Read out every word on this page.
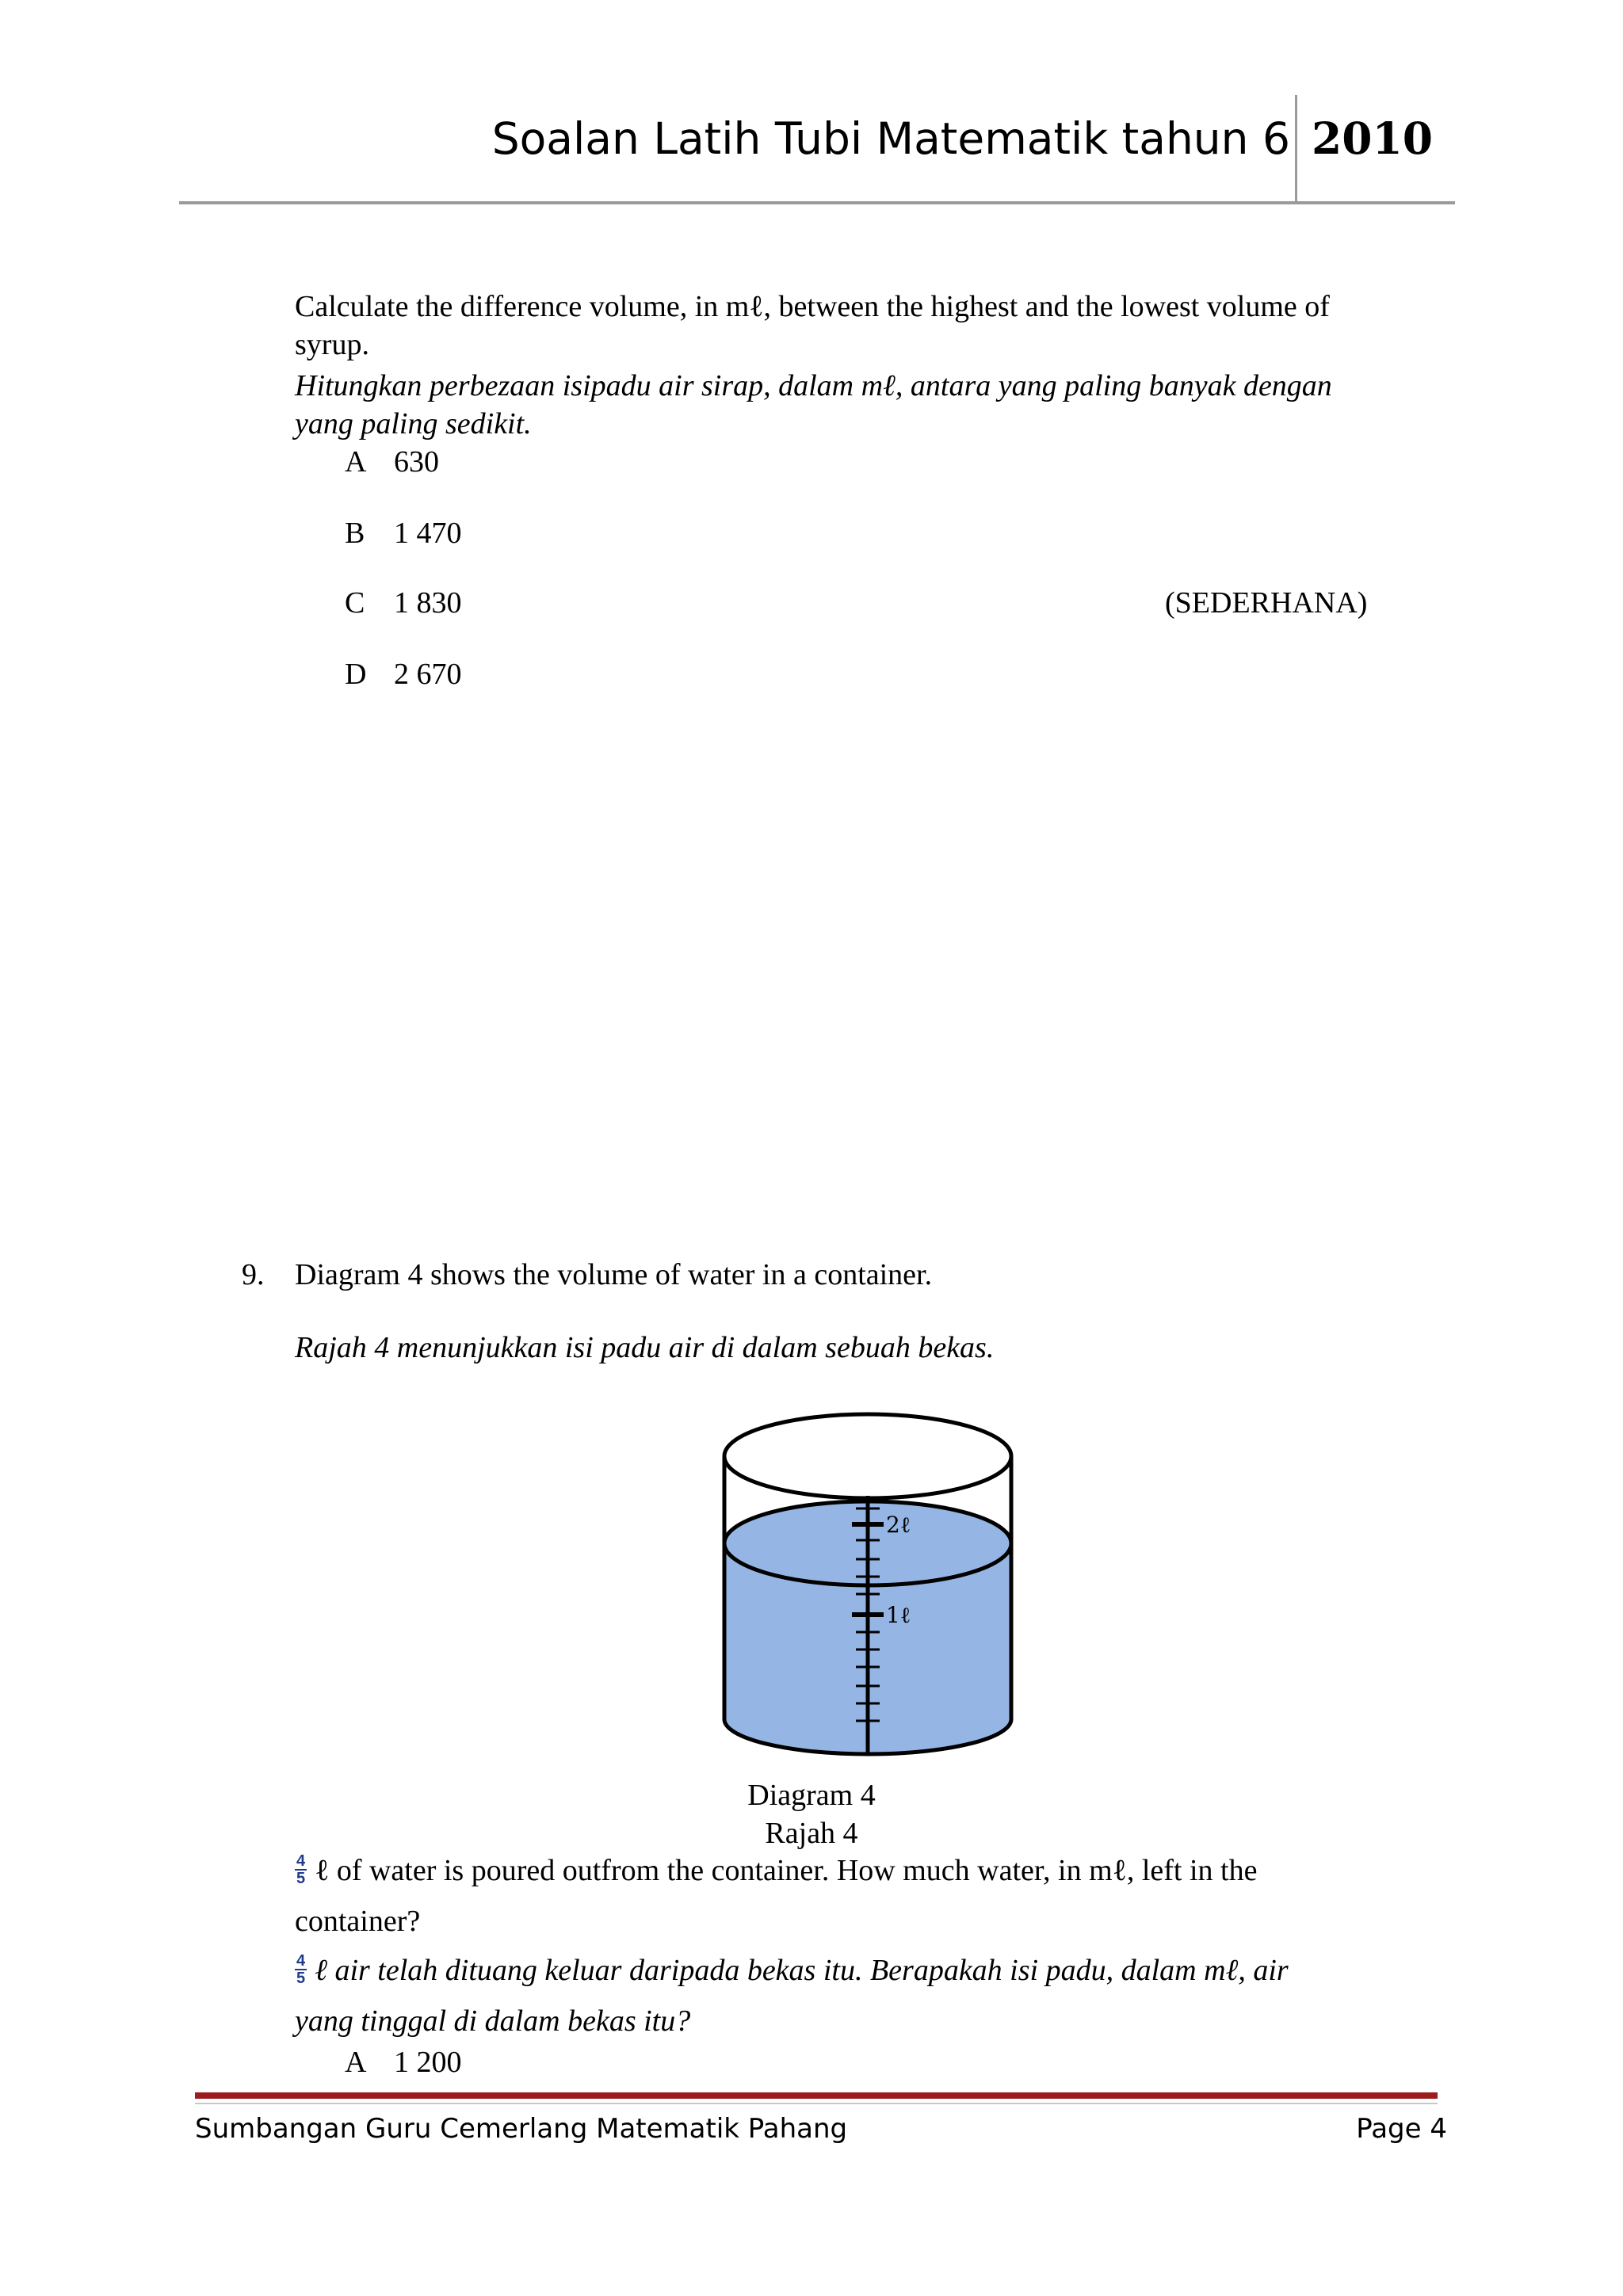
Soalan Latih Tubi Matematik tahun 6 2010

Calculate the difference volume, in mℓ, between the highest and the lowest volume of

syrup.

Hitungkan perbezaan isipadu air sirap, dalam mℓ, antara yang paling banyak dengan

yang paling sedikit.

A 630
B 1 470
C 1 830
D 2 670
(SEDERHANA)
9. Diagram 4 shows the volume of water in a container.

Rajah 4 menunjukkan isi padu air di dalam sebuah bekas.

2ℓ
1ℓ
Diagram 4
Rajah 4

$\frac{4}{5}$ ℓ of water is poured outfrom the container. How much water, in mℓ, left in the

container?

$\frac{4}{5}$ ℓ air telah dituang keluar daripada bekas itu. Berapakah isi padu, dalam mℓ, air

yang tinggal di dalam bekas itu?

A 1 200
Sumbangan Guru Cemerlang Matematik Pahang	Page 4
